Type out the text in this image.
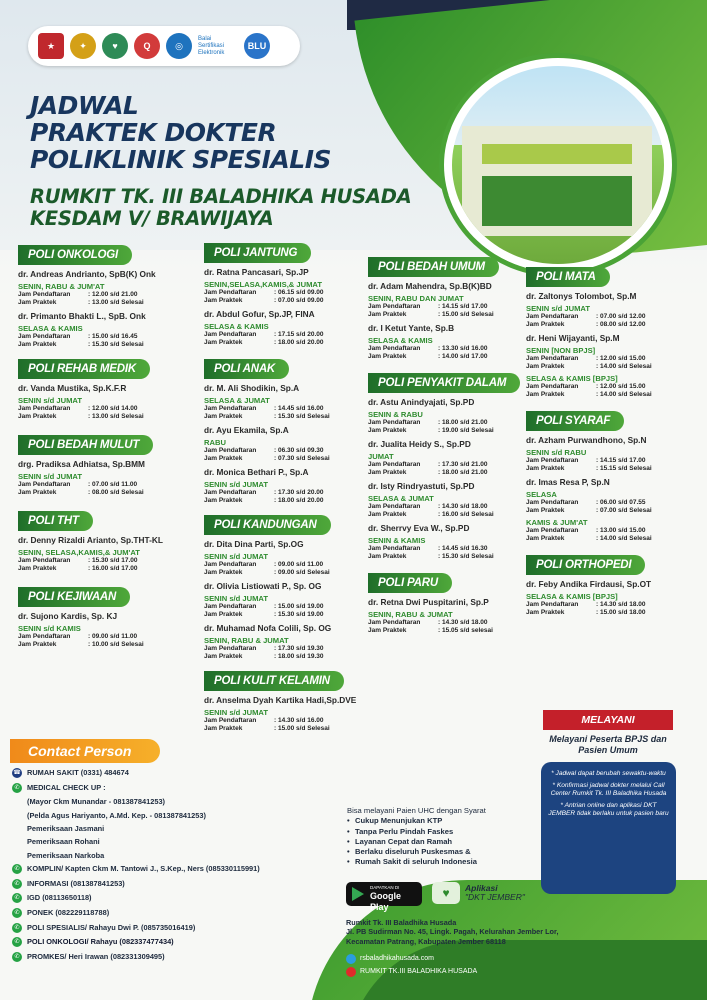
★	✦	♥	Q	◎
Balai Sertifikasi Elektronik
BLU
JADWAL
PRAKTEK DOKTER
POLIKLINIK SPESIALIS
RUMKIT TK. III BALADHIKA HUSADA
KESDAM V/ BRAWIJAYA
POLI ONKOLOGI
dr. Andreas Andrianto, SpB(K) Onk
SENIN, RABU & JUM'AT
Jam Pendaftaran	: 12.00 s/d 21.00
Jam Praktek	: 13.00 s/d Selesai
dr. Primanto Bhakti L., SpB. Onk
SELASA & KAMIS
Jam Pendaftaran	: 15.00 s/d 16.45
Jam Praktek	: 15.30 s/d Selesai
POLI REHAB MEDIK
dr. Vanda Mustika, Sp.K.F.R
SENIN s/d JUMAT
Jam Pendaftaran	: 12.00 s/d 14.00
Jam Praktek	: 13.00 s/d Selesai
POLI BEDAH MULUT
drg. Pradiksa Adhiatsa, Sp.BMM
SENIN s/d JUMAT
Jam Pendaftaran	: 07.00 s/d 11.00
Jam Praktek	: 08.00 s/d Selesai
POLI THT
dr. Denny Rizaldi Arianto, Sp.THT-KL
SENIN, SELASA,KAMIS,& JUM'AT
Jam Pendaftaran	: 15.30 s/d 17.00
Jam Praktek	: 16.00 s/d 17.00
POLI KEJIWAAN
dr. Sujono Kardis, Sp. KJ
SENIN s/d KAMIS
Jam Pendaftaran	: 09.00 s/d 11.00
Jam Praktek	: 10.00 s/d Selesai
POLI JANTUNG
dr. Ratna Pancasari, Sp.JP
SENIN,SELASA,KAMIS,& JUMAT
Jam Pendaftaran	: 06.15 s/d 09.00
Jam Praktek	: 07.00 s/d 09.00
dr. Abdul Gofur, Sp.JP, FINA
SELASA & KAMIS
Jam Pendaftaran	: 17.15 s/d 20.00
Jam Praktek	: 18.00 s/d 20.00
POLI ANAK
dr. M. Ali Shodikin, Sp.A
SELASA & JUMAT
Jam Pendaftaran	: 14.45 s/d 16.00
Jam Praktek	: 15.30 s/d Selesai
dr. Ayu Ekamila, Sp.A
RABU
Jam Pendaftaran	: 06.30 s/d 09.30
Jam Praktek	: 07.30 s/d Selesai
dr. Monica Bethari P., Sp.A
SENIN s/d JUMAT
Jam Pendaftaran	: 17.30 s/d 20.00
Jam Praktek	: 18.00 s/d 20.00
POLI KANDUNGAN
dr. Dita Dina Parti, Sp.OG
SENIN s/d JUMAT
Jam Pendaftaran	: 09.00 s/d 11.00
Jam Praktek	: 09.00 s/d Selesai
dr. Olivia Listiowati P., Sp. OG
SENIN s/d JUMAT
Jam Pendaftaran	: 15.00 s/d 19.00
Jam Praktek	: 15.30 s/d 19.00
dr. Muhamad Nofa Colili, Sp. OG
SENIN, RABU & JUMAT
Jam Pendaftaran	: 17.30 s/d 19.30
Jam Praktek	: 18.00 s/d 19.30
POLI KULIT KELAMIN
dr. Anselma Dyah Kartika Hadi,Sp.DVE
SENIN s/d JUMAT
Jam Pendaftaran	: 14.30 s/d 16.00
Jam Praktek	: 15.00 s/d Selesai
POLI BEDAH UMUM
dr. Adam Mahendra, Sp.B(K)BD
SENIN, RABU DAN JUMAT
Jam Pendaftaran	: 14.15 s/d 17.00
Jam Praktek	: 15.00 s/d Selesai
dr. I Ketut Yante, Sp.B
SELASA & KAMIS
Jam Pendaftaran	: 13.30 s/d 16.00
Jam Praktek	: 14.00 s/d 17.00
POLI PENYAKIT DALAM
dr. Astu Anindyajati, Sp.PD
SENIN & RABU
Jam Pendaftaran	: 18.00 s/d 21.00
Jam Praktek	: 19.00 s/d Selesai
dr. Jualita Heidy S., Sp.PD
JUMAT
Jam Pendaftaran	: 17.30 s/d 21.00
Jam Praktek	: 18.00 s/d 21.00
dr. Isty Rindryastuti, Sp.PD
SELASA & JUMAT
Jam Pendaftaran	: 14.30 s/d 18.00
Jam Praktek	: 16.00 s/d Selesai
dr. Sherrvy Eva W., Sp.PD
SENIN & KAMIS
Jam Pendaftaran	: 14.45 s/d 16.30
Jam Praktek	: 15.30 s/d Selesai
POLI PARU
dr. Retna Dwi Puspitarini, Sp.P
SENIN, RABU & JUMAT
Jam Pendaftaran	: 14.30 s/d 18.00
Jam Praktek	: 15.05 s/d selesai
POLI MATA
dr. Zaltonys Tolombot, Sp.M
SENIN s/d JUMAT
Jam Pendaftaran	: 07.00 s/d 12.00
Jam Praktek	: 08.00 s/d 12.00
dr. Heni Wijayanti, Sp.M
SENIN [NON BPJS]
Jam Pendaftaran	: 12.00 s/d 15.00
Jam Praktek	: 14.00 s/d Selesai
SELASA & KAMIS [BPJS]
Jam Pendaftaran	: 12.00 s/d 15.00
Jam Praktek	: 14.00 s/d Selesai
POLI SYARAF
dr. Azham Purwandhono, Sp.N
SENIN s/d RABU
Jam Pendaftaran	: 14.15 s/d 17.00
Jam Praktek	: 15.15 s/d Selesai
dr. Imas Resa P, Sp.N
SELASA
Jam Pendaftaran	: 06.00 s/d 07.55
Jam Praktek	: 07.00 s/d Selesai
KAMIS & JUM'AT
Jam Pendaftaran	: 13.00 s/d 15.00
Jam Praktek	: 14.00 s/d Selesai
POLI ORTHOPEDI
dr. Feby Andika Firdausi, Sp.OT
SELASA & KAMIS [BPJS]
Jam Pendaftaran	: 14.30 s/d 18.00
Jam Praktek	: 15.00 s/d 18.00
Contact Person
☎ RUMAH SAKIT (0331) 484674
✆	MEDICAL CHECK UP :
(Mayor Ckm Munandar - 081387841253)
(Pelda Agus Hariyanto, A.Md. Kep. - 081387841253)
Pemeriksaan Jasmani
Pemeriksaan Rohani
Pemeriksaan Narkoba
✆	KOMPLIN/ Kapten Ckm M. Tantowi J., S.Kep., Ners (085330115991)
✆	INFORMASI (081387841253)
✆	IGD (08113650118)
✆	PONEK (082229118788)
✆	POLI SPESIALIS/ Rahayu Dwi P. (085735016419)
✆	POLI ONKOLOGI/ Rahayu (082337477434)
✆	PROMKES/ Heri Irawan (082331309495)
MELAYANI
Melayani Peserta BPJS dan Pasien Umum
* Jadwal dapat berubah sewaktu-waktu
* Konfirmasi jadwal dokter melalui Call Center Rumkit Tk. III Baladhika Husada
* Antrian online dan aplikasi DKT JEMBER tidak berlaku untuk pasien baru
Bisa melayani Paien UHC dengan Syarat
• Cukup Menunjukan KTP
• Tanpa Perlu Pindah Faskes
• Layanan Cepat dan Ramah
• Berlaku diseluruh Puskesmas &
• Rumah Sakit di seluruh Indonesia
DAPATKAN DI
Google Play
♥	Aplikasi
"DKT JEMBER"
Rumkit Tk. III Baladhika Husada
Jl. PB Sudirman No. 45, Lingk. Pagah, Kelurahan Jember Lor,
Kecamatan Patrang, Kabupaten Jember 68118
rsbaladhikahusada.com
RUMKIT TK.III BALADHIKA HUSADA
